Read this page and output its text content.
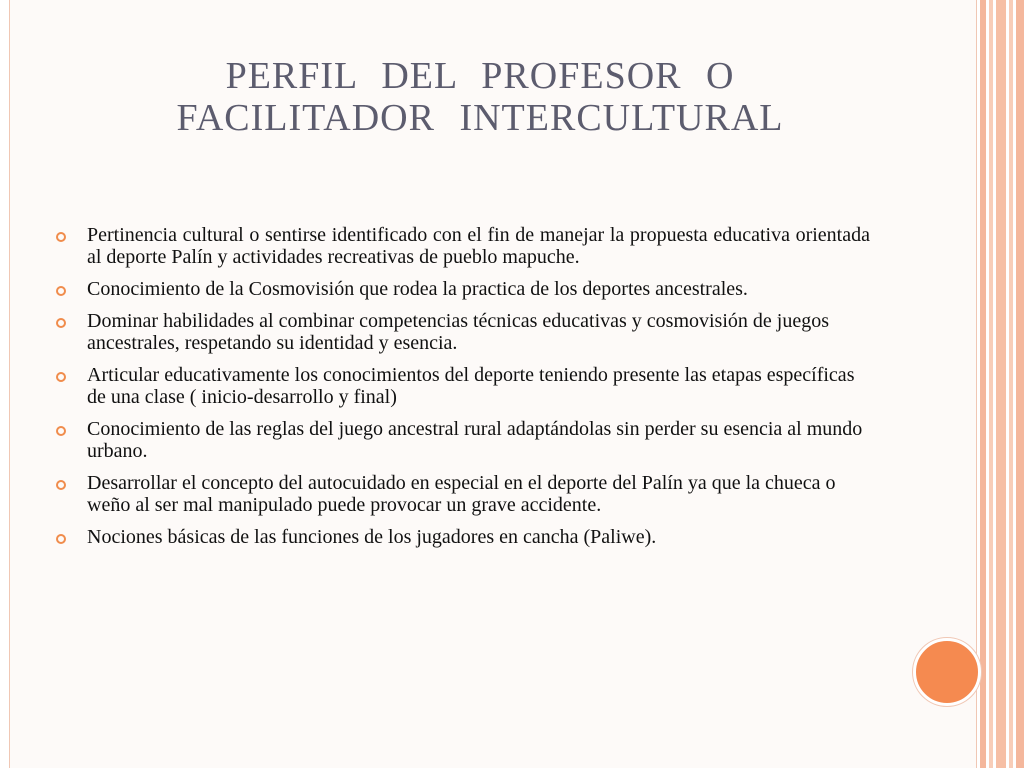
PERFIL DEL PROFESOR O
FACILITADOR INTERCULTURAL
Pertinencia cultural o sentirse identificado con el fin de manejar la propuesta educativa orientada al deporte Palín y actividades recreativas de pueblo mapuche.
Conocimiento de la Cosmovisión que rodea la practica de los deportes ancestrales.
Dominar habilidades al combinar competencias técnicas educativas y cosmovisión de juegos ancestrales, respetando su identidad y esencia.
Articular educativamente los conocimientos del deporte teniendo presente las etapas específicas de una clase ( inicio-desarrollo y final)
Conocimiento de las reglas del juego ancestral rural adaptándolas sin perder su esencia al mundo urbano.
Desarrollar el concepto del autocuidado en especial en el deporte del Palín ya que la chueca o weño al ser mal manipulado puede provocar un grave accidente.
Nociones básicas de las funciones de los jugadores en cancha (Paliwe).
